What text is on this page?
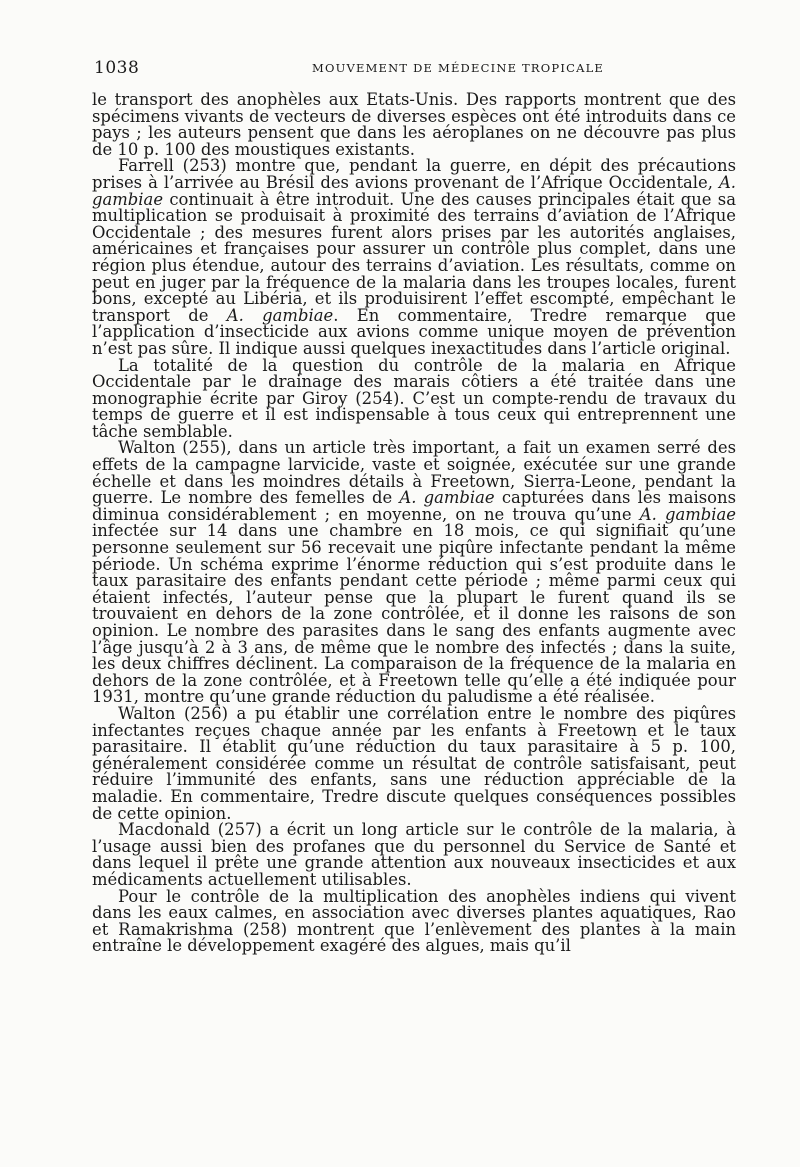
1038	MOUVEMENT DE MÉDECINE TROPICALE

le transport des anophèles aux Etats-Unis. Des rapports montrent que des spécimens vivants de vecteurs de diverses espèces ont été introduits dans ce pays ; les auteurs pensent que dans les aéroplanes on ne découvre pas plus de 10 p. 100 des moustiques existants.

Farrell (253) montre que, pendant la guerre, en dépit des précautions prises à l’arrivée au Brésil des avions provenant de l’Afrique Occidentale, A. gambiae continuait à être introduit. Une des causes principales était que sa multiplication se produisait à proximité des terrains d’aviation de l’Afrique Occidentale ; des mesures furent alors prises par les autorités anglaises, américaines et françaises pour assurer un contrôle plus complet, dans une région plus étendue, autour des terrains d’aviation. Les résultats, comme on peut en juger par la fréquence de la malaria dans les troupes locales, furent bons, excepté au Libéria, et ils produisirent l’effet escompté, empêchant le transport de A. gambiae. En commentaire, Tredre remarque que l’application d’insecticide aux avions comme unique moyen de prévention n’est pas sûre. Il indique aussi quelques inexactitudes dans l’article original.

La totalité de la question du contrôle de la malaria en Afrique Occidentale par le drainage des marais côtiers a été traitée dans une monographie écrite par Giroy (254). C’est un compte-rendu de travaux du temps de guerre et il est indispensable à tous ceux qui entreprennent une tâche semblable.

Walton (255), dans un article très important, a fait un examen serré des effets de la campagne larvicide, vaste et soignée, exécutée sur une grande échelle et dans les moindres détails à Freetown, Sierra-Leone, pendant la guerre. Le nombre des femelles de A. gambiae capturées dans les maisons diminua considérablement ; en moyenne, on ne trouva qu’une A. gambiae infectée sur 14 dans une chambre en 18 mois, ce qui signifiait qu’une personne seulement sur 56 recevait une piqûre infectante pendant la même période. Un schéma exprime l’énorme réduction qui s’est produite dans le taux parasitaire des enfants pendant cette période ; même parmi ceux qui étaient infectés, l’auteur pense que la plupart le furent quand ils se trouvaient en dehors de la zone contrôlée, et il donne les raisons de son opinion. Le nombre des parasites dans le sang des enfants augmente avec l’âge jusqu’à 2 à 3 ans, de même que le nombre des infectés ; dans la suite, les deux chiffres déclinent. La comparaison de la fréquence de la malaria en dehors de la zone contrôlée, et à Freetown telle qu’elle a été indiquée pour 1931, montre qu’une grande réduction du paludisme a été réalisée.

Walton (256) a pu établir une corrélation entre le nombre des piqûres infectantes reçues chaque année par les enfants à Freetown et le taux parasitaire. Il établit qu’une réduction du taux parasitaire à 5 p. 100, généralement considérée comme un résultat de contrôle satisfaisant, peut réduire l’immunité des enfants, sans une réduction appréciable de la maladie. En commentaire, Tredre discute quelques conséquences possibles de cette opinion.

Macdonald (257) a écrit un long article sur le contrôle de la malaria, à l’usage aussi bien des profanes que du personnel du Service de Santé et dans lequel il prête une grande attention aux nouveaux insecticides et aux médicaments actuellement utilisables.

Pour le contrôle de la multiplication des anophèles indiens qui vivent dans les eaux calmes, en association avec diverses plantes aquatiques, Rao et Ramakrishma (258) montrent que l’enlèvement des plantes à la main entraîne le développement exagéré des algues, mais qu’il
